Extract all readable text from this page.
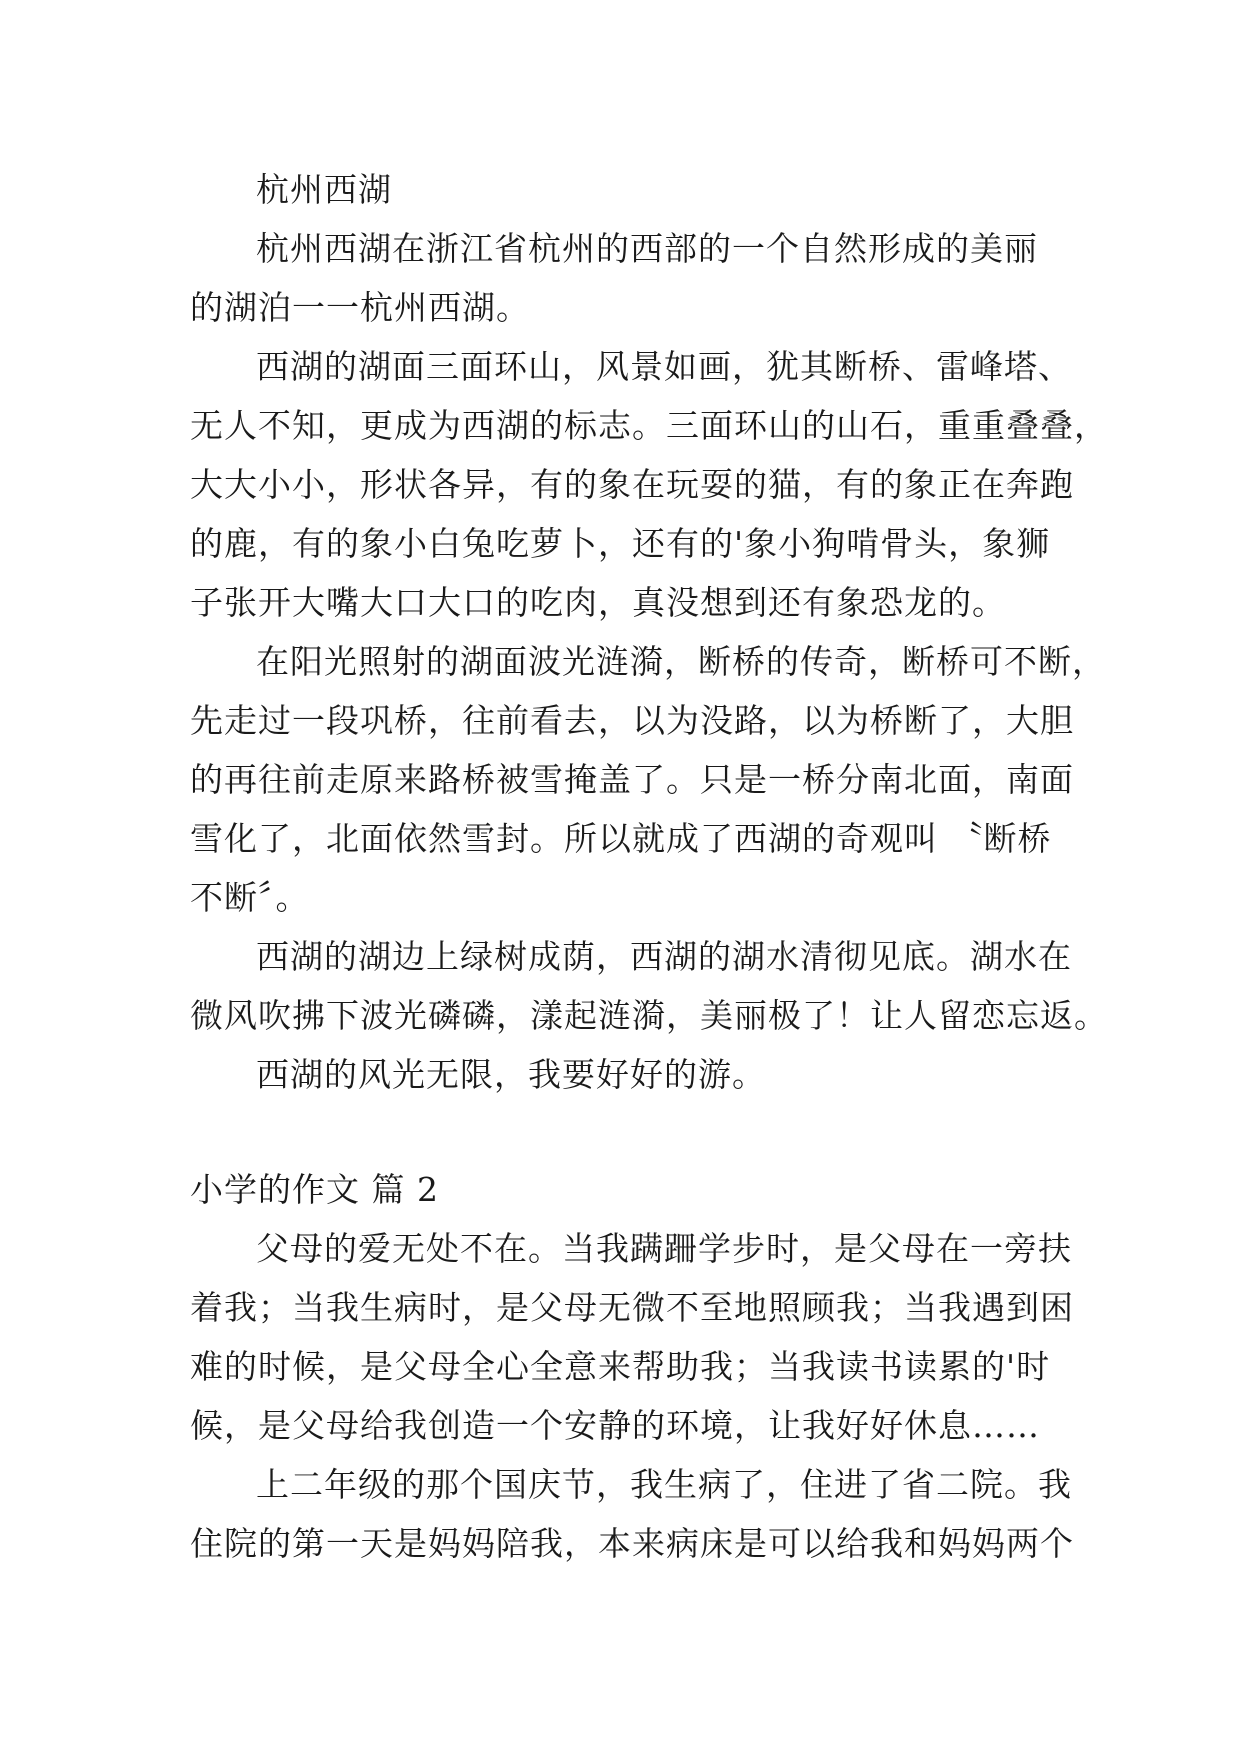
杭州西湖
杭州西湖在浙江省杭州的西部的一个自然形成的美丽
的湖泊一一杭州西湖。
西湖的湖面三面环山，风景如画，犹其断桥、雷峰塔、
无人不知，更成为西湖的标志。三面环山的山石，重重叠叠，
大大小小，形状各异，有的象在玩耍的猫，有的象正在奔跑
的鹿，有的象小白兔吃萝卜，还有的'象小狗啃骨头，象狮
子张开大嘴大口大口的吃肉，真没想到还有象恐龙的。
在阳光照射的湖面波光涟漪，断桥的传奇，断桥可不断，
先走过一段巩桥，往前看去，以为没路，以为桥断了，大胆
的再往前走原来路桥被雪掩盖了。只是一桥分南北面，南面
雪化了，北面依然雪封。所以就成了西湖的奇观叫 〝断桥
不断〞。
西湖的湖边上绿树成荫，西湖的湖水清彻见底。湖水在
微风吹拂下波光磷磷，漾起涟漪，美丽极了！让人留恋忘返。
西湖的风光无限，我要好好的游。
小学的作文 篇 2
父母的爱无处不在。当我蹒跚学步时，是父母在一旁扶
着我；当我生病时，是父母无微不至地照顾我；当我遇到困
难的时候，是父母全心全意来帮助我；当我读书读累的'时
候，是父母给我创造一个安静的环境，让我好好休息……
上二年级的那个国庆节，我生病了，住进了省二院。我
住院的第一天是妈妈陪我，本来病床是可以给我和妈妈两个
